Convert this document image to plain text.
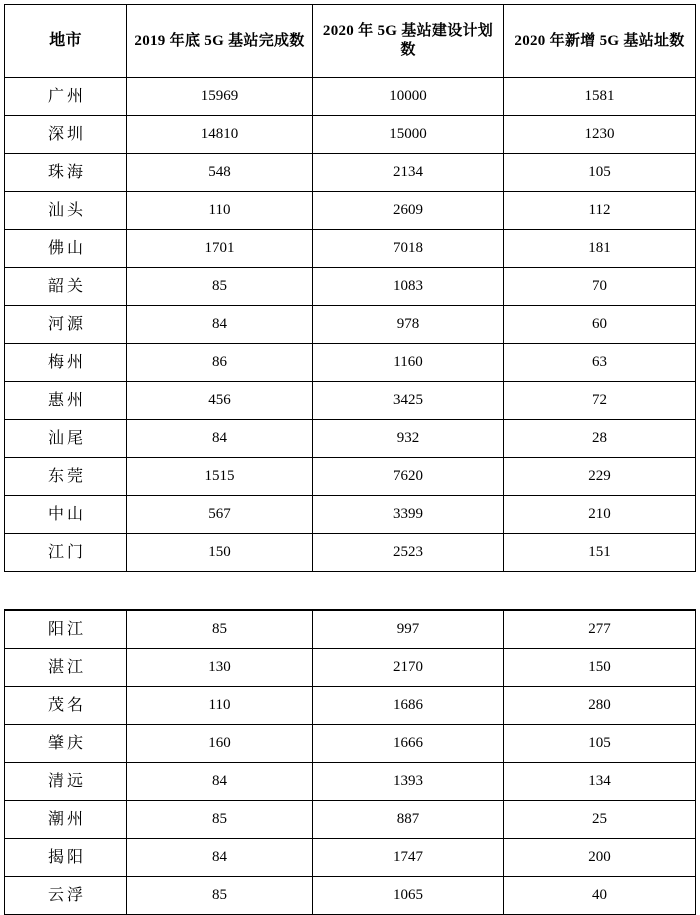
地市	2019 年底 5G 基站完成数	2020 年 5G 基站建设计划数	2020 年新增 5G 基站址数
广州	15969	10000	1581
深圳	14810	15000	1230
珠海	548	2134	105
汕头	110	2609	112
佛山	1701	7018	181
韶关	85	1083	70
河源	84	978	60
梅州	86	1160	63
惠州	456	3425	72
汕尾	84	932	28
东莞	1515	7620	229
中山	567	3399	210
江门	150	2523	151

阳江	85	997	277
湛江	130	2170	150
茂名	110	1686	280
肇庆	160	1666	105
清远	84	1393	134
潮州	85	887	25
揭阳	84	1747	200
云浮	85	1065	40
